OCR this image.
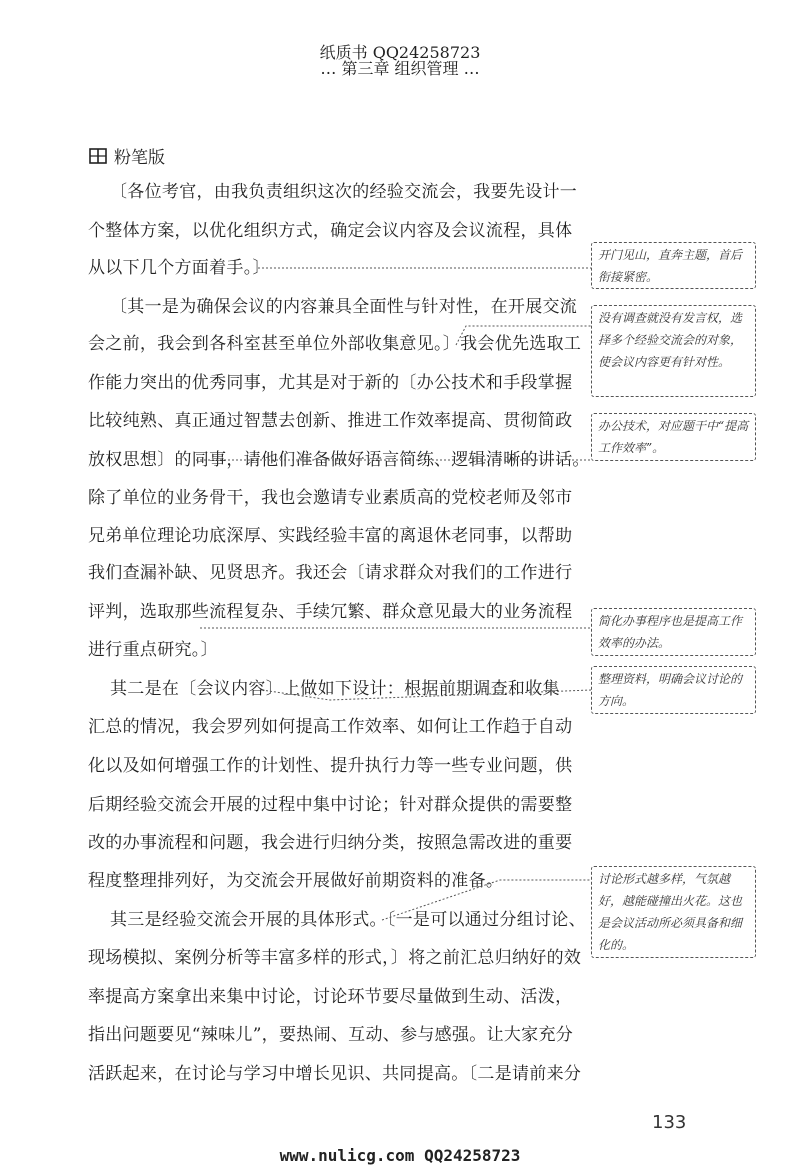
纸质书 QQ24258723
… 第三章 组织管理 …
粉笔版
〔各位考官，由我负责组织这次的经验交流会，我要先设计一
个整体方案，以优化组织方式，确定会议内容及会议流程，具体
从以下几个方面着手。〕
〔其一是为确保会议的内容兼具全面性与针对性，在开展交流
会之前，我会到各科室甚至单位外部收集意见。〕我会优先选取工
作能力突出的优秀同事，尤其是对于新的〔办公技术和手段掌握
比较纯熟、真正通过智慧去创新、推进工作效率提高、贯彻简政
放权思想〕的同事，请他们准备做好语言简练、逻辑清晰的讲话。
除了单位的业务骨干，我也会邀请专业素质高的党校老师及邻市
兄弟单位理论功底深厚、实践经验丰富的离退休老同事，以帮助
我们查漏补缺、见贤思齐。我还会〔请求群众对我们的工作进行
评判，选取那些流程复杂、手续冗繁、群众意见最大的业务流程
进行重点研究。〕
其二是在〔会议内容〕上做如下设计：根据前期调查和收集
汇总的情况，我会罗列如何提高工作效率、如何让工作趋于自动
化以及如何增强工作的计划性、提升执行力等一些专业问题，供
后期经验交流会开展的过程中集中讨论；针对群众提供的需要整
改的办事流程和问题，我会进行归纳分类，按照急需改进的重要
程度整理排列好，为交流会开展做好前期资料的准备。
其三是经验交流会开展的具体形式。〔一是可以通过分组讨论、
现场模拟、案例分析等丰富多样的形式，〕将之前汇总归纳好的效
率提高方案拿出来集中讨论，讨论环节要尽量做到生动、活泼，
指出问题要见“辣味儿”，要热闹、互动、参与感强。让大家充分
活跃起来，在讨论与学习中增长见识、共同提高。〔二是请前来分
开门见山，直奔主题，首后衔接紧密。
没有调查就没有发言权，选择多个经验交流会的对象，使会议内容更有针对性。
办公技术，对应题干中“提高工作效率”。
简化办事程序也是提高工作效率的办法。
整理资料，明确会议讨论的方向。
讨论形式越多样，气氛越好，越能碰撞出火花。这也是会议活动所必须具备和细化的。
133
www.nulicg.com QQ24258723
